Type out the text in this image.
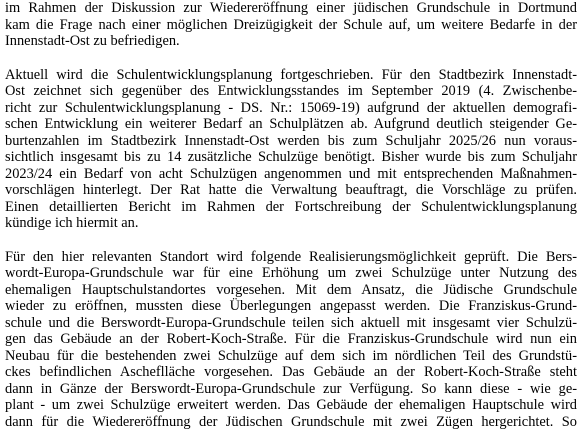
im Rahmen der Diskussion zur Wiedereröffnung einer jüdischen Grundschule in Dortmund
kam die Frage nach einer möglichen Dreizügigkeit der Schule auf, um weitere Bedarfe in der
Innenstadt-Ost zu befriedigen.
Aktuell wird die Schulentwicklungsplanung fortgeschrieben. Für den Stadtbezirk Innenstadt-
Ost zeichnet sich gegenüber des Entwicklungsstandes im September 2019 (4. Zwischenbe-
richt zur Schulentwicklungsplanung - DS. Nr.: 15069-19) aufgrund der aktuellen demografi-
schen Entwicklung ein weiterer Bedarf an Schulplätzen ab. Aufgrund deutlich steigender Ge-
burtenzahlen im Stadtbezirk Innenstadt-Ost werden bis zum Schuljahr 2025/26 nun voraus-
sichtlich insgesamt bis zu 14 zusätzliche Schulzüge benötigt. Bisher wurde bis zum Schuljahr
2023/24 ein Bedarf von acht Schulzügen angenommen und mit entsprechenden Maßnahmen-
vorschlägen hinterlegt. Der Rat hatte die Verwaltung beauftragt, die Vorschläge zu prüfen.
Einen detaillierten Bericht im Rahmen der Fortschreibung der Schulentwicklungsplanung
kündige ich hiermit an.
Für den hier relevanten Standort wird folgende Realisierungsmöglichkeit geprüft. Die Bers-
wordt-Europa-Grundschule war für eine Erhöhung um zwei Schulzüge unter Nutzung des
ehemaligen Hauptschulstandortes vorgesehen. Mit dem Ansatz, die Jüdische Grundschule
wieder zu eröffnen, mussten diese Überlegungen angepasst werden. Die Franziskus-Grund-
schule und die Berswordt-Europa-Grundschule teilen sich aktuell mit insgesamt vier Schulzü-
gen das Gebäude an der Robert-Koch-Straße. Für die Franziskus-Grundschule wird nun ein
Neubau für die bestehenden zwei Schulzüge auf dem sich im nördlichen Teil des Grundstü-
ckes befindlichen Ascheflläche vorgesehen. Das Gebäude an der Robert-Koch-Straße steht
dann in Gänze der Berswordt-Europa-Grundschule zur Verfügung. So kann diese - wie ge-
plant - um zwei Schulzüge erweitert werden. Das Gebäude der ehemaligen Hauptschule wird
dann für die Wiedereröffnung der Jüdischen Grundschule mit zwei Zügen hergerichtet. So
